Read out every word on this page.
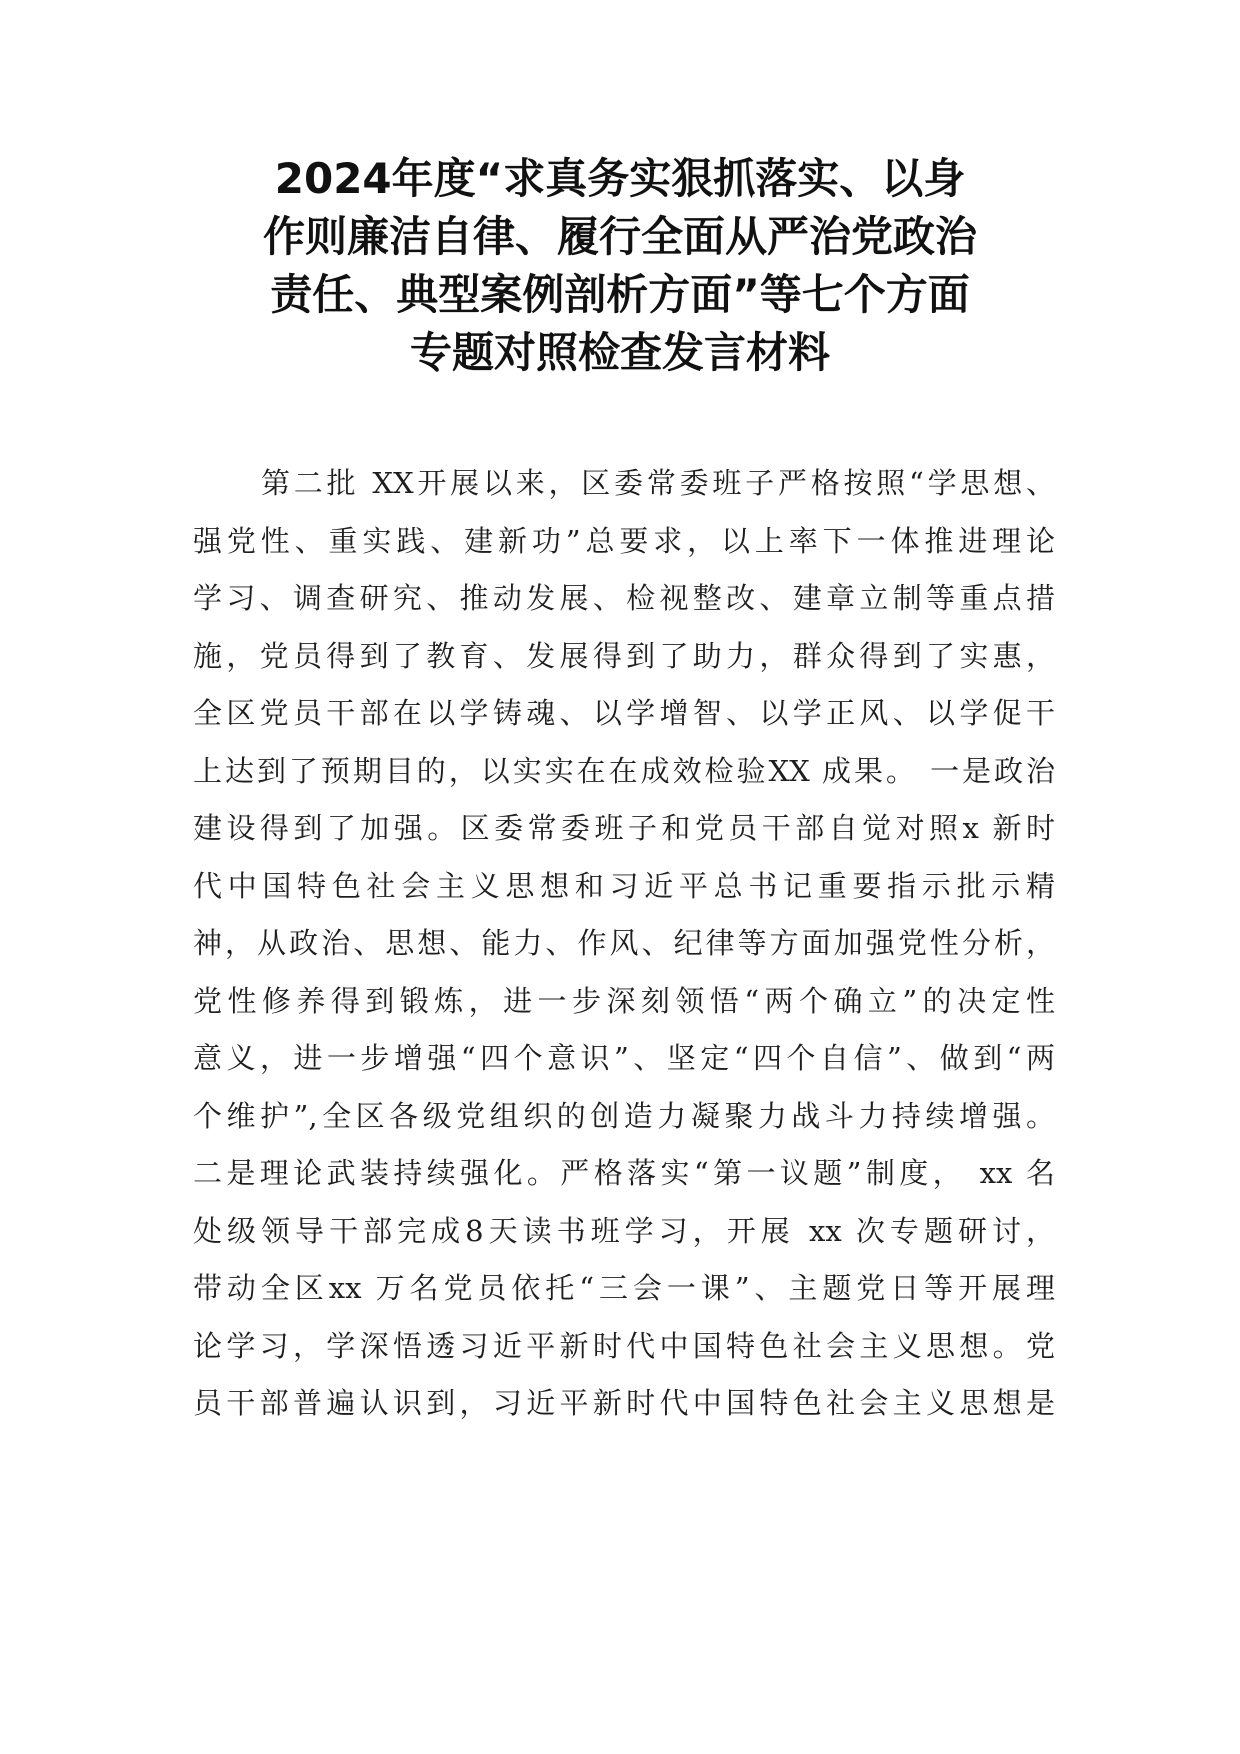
2024年度“求真务实狠抓落实、以身
作则廉洁自律、履行全面从严治党政治
责任、典型案例剖析方面”等七个方面
专题对照检查发言材料
第二批 XX开展以来，区委常委班子严格按照“学思想、
强党性、重实践、建新功”总要求，以上率下一体推进理论
学习、调查研究、推动发展、检视整改、建章立制等重点措
施，党员得到了教育、发展得到了助力，群众得到了实惠，
全区党员干部在以学铸魂、以学增智、以学正风、以学促干
上达到了预期目的，以实实在在成效检验XX 成果。 一是政治
建设得到了加强。区委常委班子和党员干部自觉对照x 新时
代中国特色社会主义思想和习近平总书记重要指示批示精
神，从政治、思想、能力、作风、纪律等方面加强党性分析，
党性修养得到锻炼，进一步深刻领悟“两个确立”的决定性
意义，进一步增强“四个意识”、坚定“四个自信”、做到“两
个维护”,全区各级党组织的创造力凝聚力战斗力持续增强。
二是理论武装持续强化。严格落实“第一议题”制度， xx 名
处级领导干部完成8天读书班学习，开展 xx 次专题研讨，
带动全区xx 万名党员依托“三会一课”、主题党日等开展理
论学习，学深悟透习近平新时代中国特色社会主义思想。党
员干部普遍认识到，习近平新时代中国特色社会主义思想是
